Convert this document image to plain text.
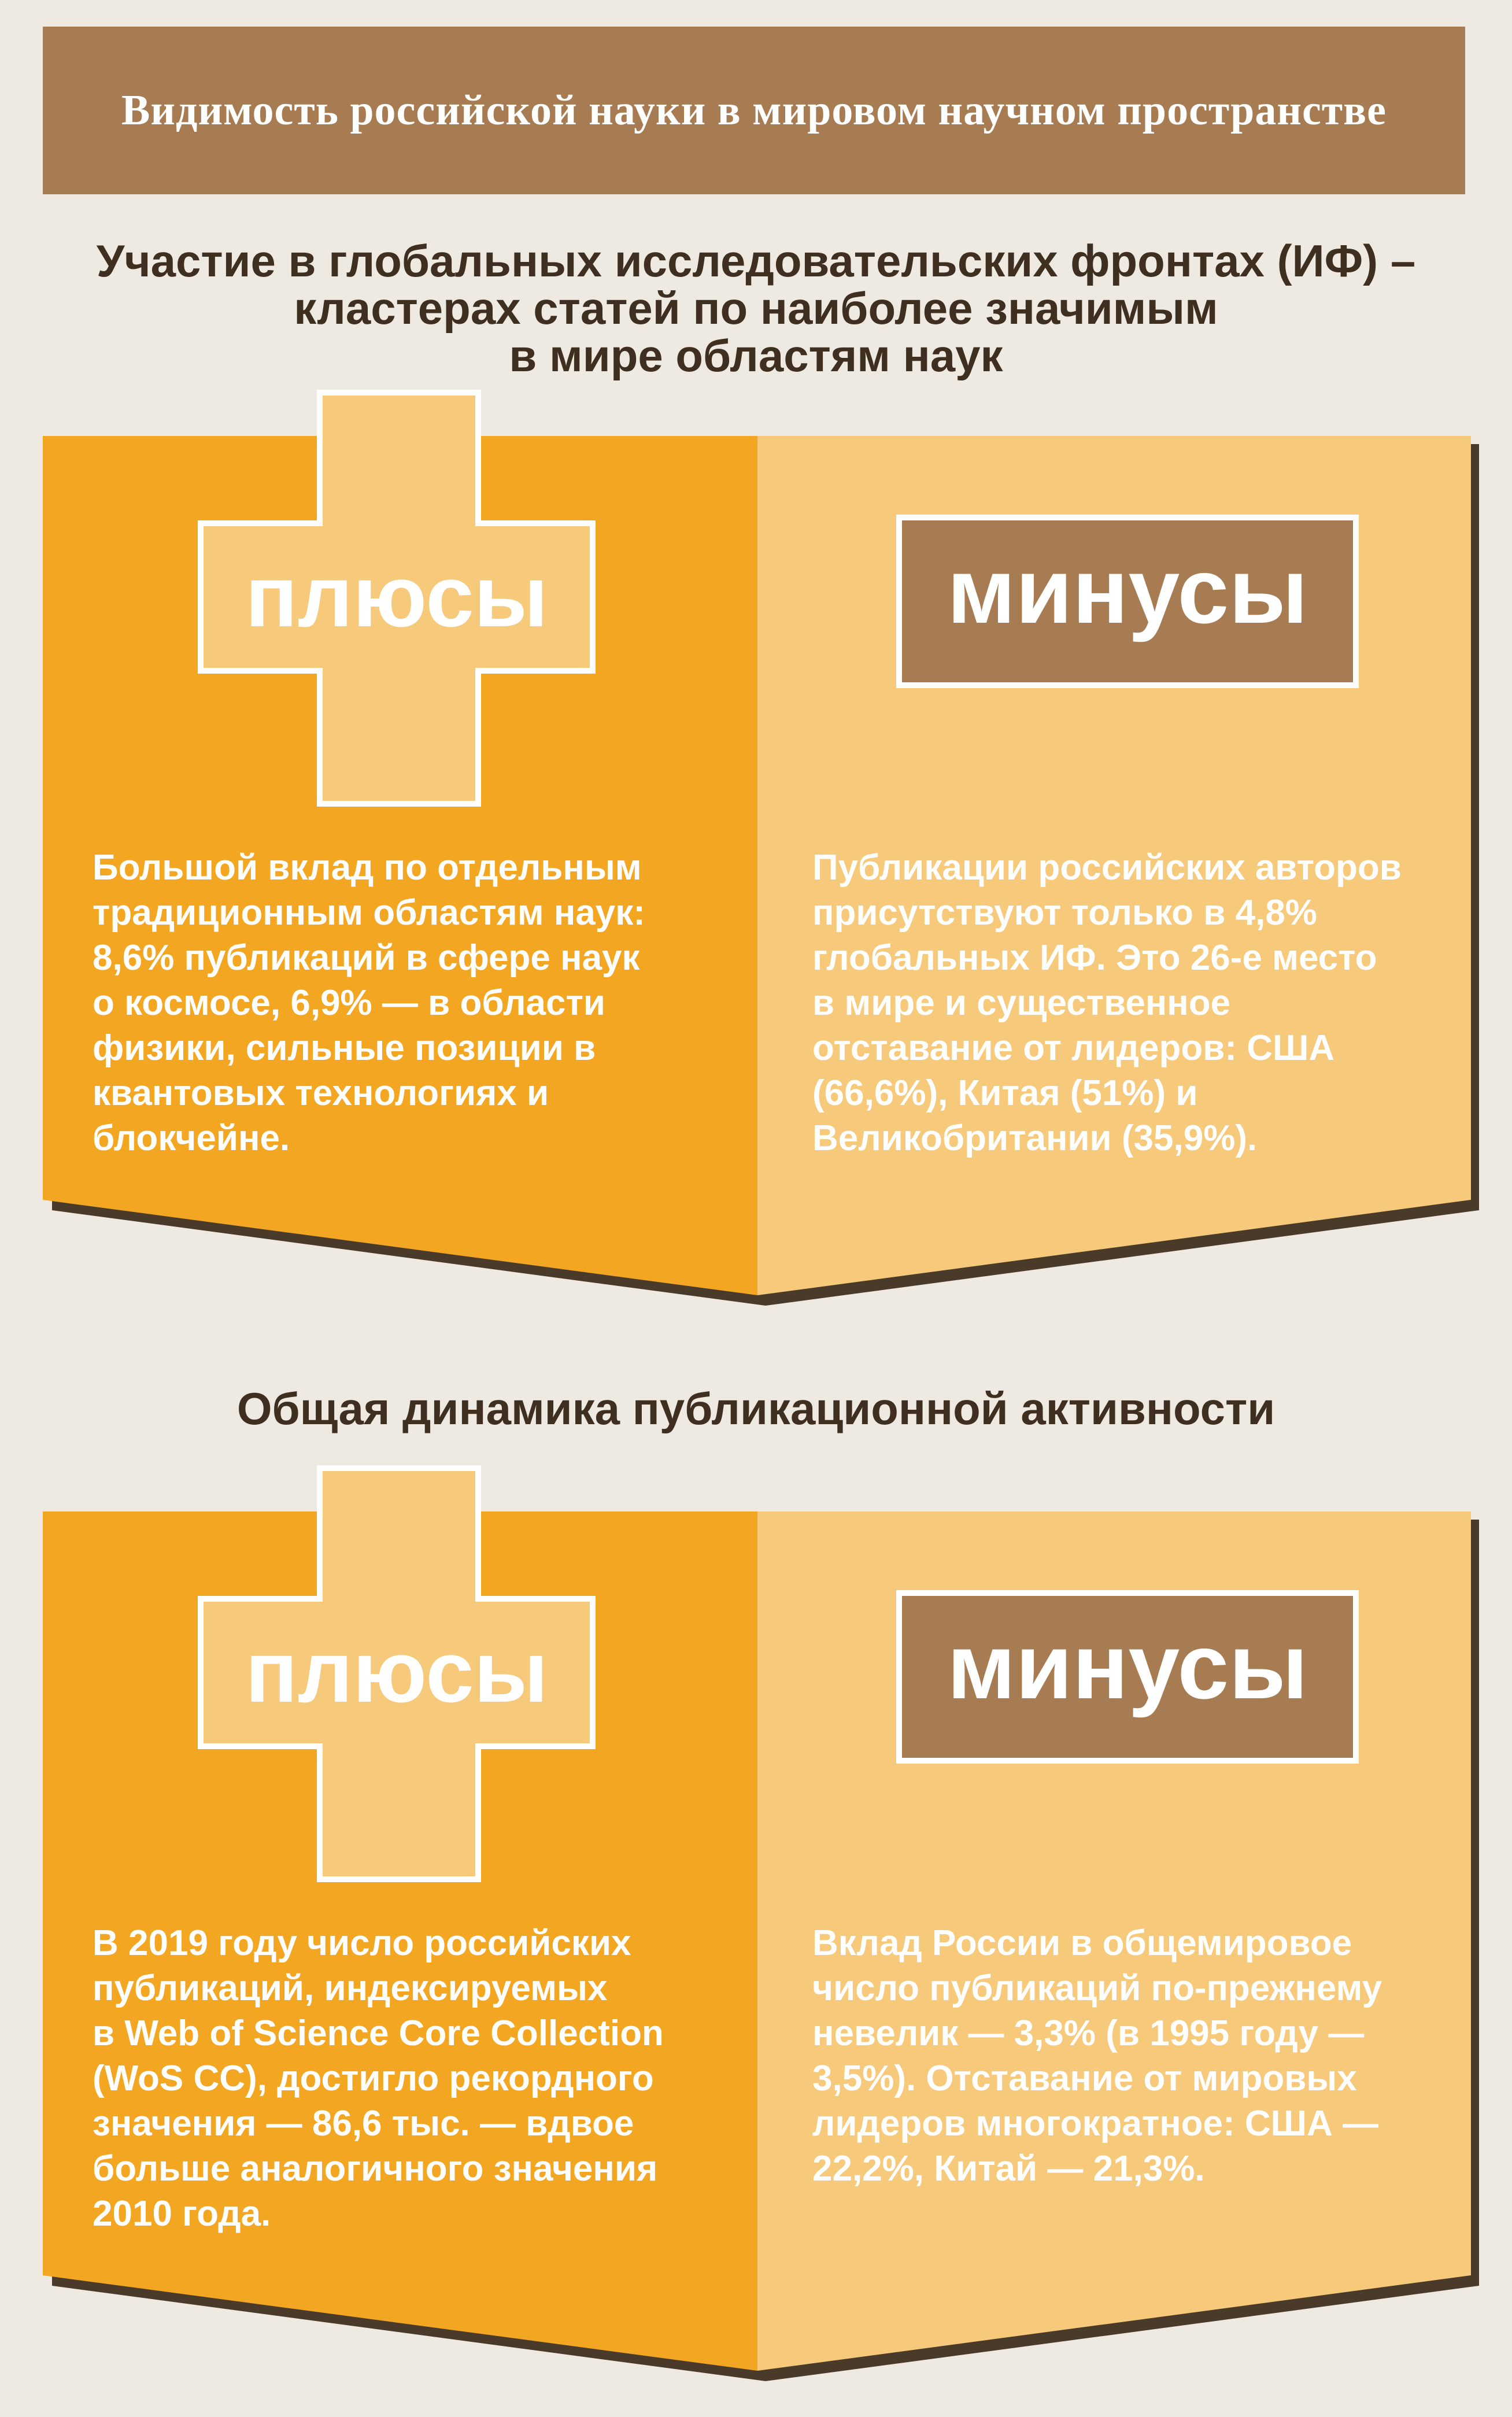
Видимость российской науки в мировом научном пространстве
Участие в глобальных исследовательских фронтах (ИФ) –
кластерах статей по наиболее значимым
в мире областям наук
плюсы	минусы
Большой вклад по отдельным
традиционным областям наук:
8,6% публикаций в сфере наук
о космосе, 6,9% — в области
физики, сильные позиции в
квантовых технологиях и
блокчейне.
Публикации российских авторов
присутствуют только в 4,8%
глобальных ИФ. Это 26-е место
в мире и существенное
отставание от лидеров: США
(66,6%), Китая (51%) и
Великобритании (35,9%).
Общая динамика публикационной активности
плюсы	минусы
В 2019 году число российских
публикаций, индексируемых
в Web of Science Core Collection
(WoS CC), достигло рекордного
значения — 86,6 тыс. — вдвое
больше аналогичного значения
2010 года.
Вклад России в общемировое
число публикаций по-прежнему
невелик — 3,3% (в 1995 году —
3,5%). Отставание от мировых
лидеров многократное: США —
22,2%, Китай — 21,3%.
